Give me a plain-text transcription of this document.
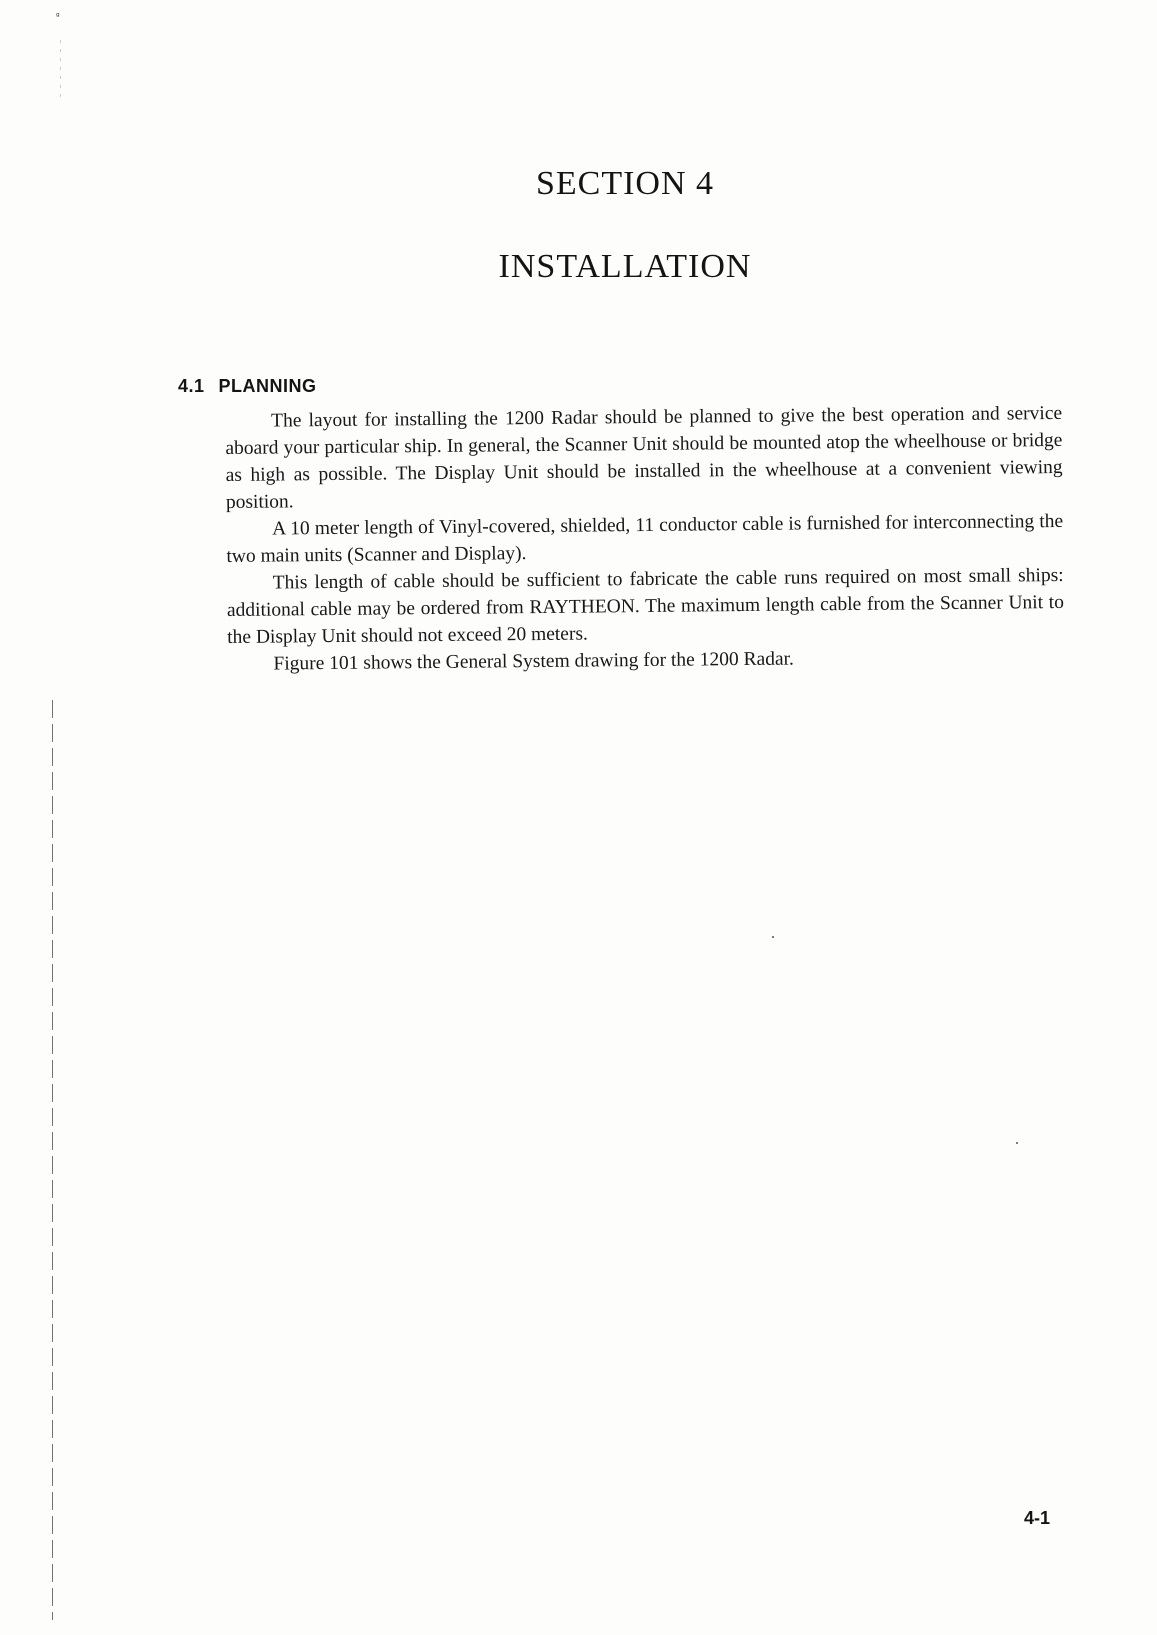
ᵍ
SECTION 4
INSTALLATION
4.1 PLANNING

The layout for installing the 1200 Radar should be planned to give the best operation and service aboard your particular ship. In general, the Scanner Unit should be mounted atop the wheelhouse or bridge as high as possible. The Display Unit should be installed in the wheelhouse at a convenient viewing position.

A 10 meter length of Vinyl-covered, shielded, 11 conductor cable is furnished for interconnecting the two main units (Scanner and Display).

This length of cable should be sufficient to fabricate the cable runs required on most small ships: additional cable may be ordered from RAYTHEON. The maximum length cable from the Scanner Unit to the Display Unit should not exceed 20 meters.

Figure 101 shows the General System drawing for the 1200 Radar.

4-1
